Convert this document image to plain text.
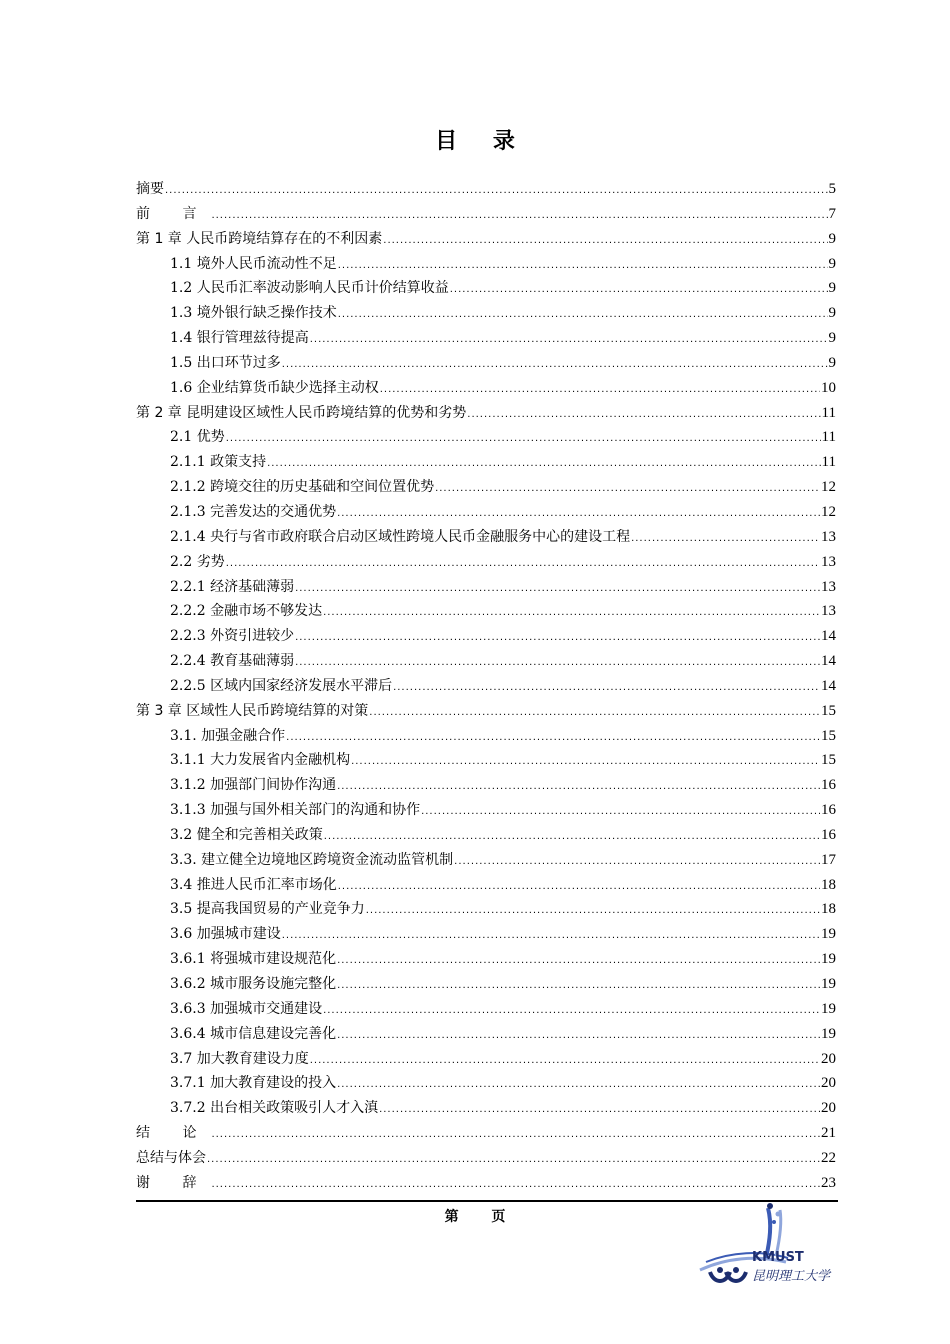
目 录
摘要 .....	5
前 言 .....	7
第 1 章 人民币跨境结算存在的不利因素 .....	9
1.1 境外人民币流动性不足 .....	9
1.2 人民币汇率波动影响人民币计价结算收益 .....	9
1.3 境外银行缺乏操作技术 .....	9
1.4 银行管理兹待提高 .....	9
1.5 出口环节过多 .....	9
1.6 企业结算货币缺少选择主动权 .....	10
第 2 章 昆明建设区域性人民币跨境结算的优势和劣势 .....	11
2.1 优势 .....	11
2.1.1 政策支持 .....	11
2.1.2 跨境交往的历史基础和空间位置优势 .....	12
2.1.3 完善发达的交通优势 .....	12
2.1.4 央行与省市政府联合启动区域性跨境人民币金融服务中心的建设工程 .....	13
2.2 劣势 .....	13
2.2.1 经济基础薄弱 .....	13
2.2.2 金融市场不够发达 .....	13
2.2.3 外资引进较少 .....	14
2.2.4 教育基础薄弱 .....	14
2.2.5 区域内国家经济发展水平滞后 .....	14
第 3 章 区域性人民币跨境结算的对策 .....	15
3.1. 加强金融合作 .....	15
3.1.1 大力发展省内金融机构 .....	15
3.1.2 加强部门间协作沟通 .....	16
3.1.3 加强与国外相关部门的沟通和协作 .....	16
3.2 健全和完善相关政策 .....	16
3.3. 建立健全边境地区跨境资金流动监管机制 .....	17
3.4 推进人民币汇率市场化 .....	18
3.5 提高我国贸易的产业竞争力 .....	18
3.6 加强城市建设 .....	19
3.6.1 将强城市建设规范化 .....	19
3.6.2 城市服务设施完整化 .....	19
3.6.3 加强城市交通建设 .....	19
3.6.4 城市信息建设完善化 .....	19
3.7 加大教育建设力度 .....	20
3.7.1 加大教育建设的投入 .....	20
3.7.2 出台相关政策吸引人才入滇 .....	20
结 论 .....	21
总结与体会 .....	22
谢 辞 .....	23
第 页
KMUST
昆明理工大学
